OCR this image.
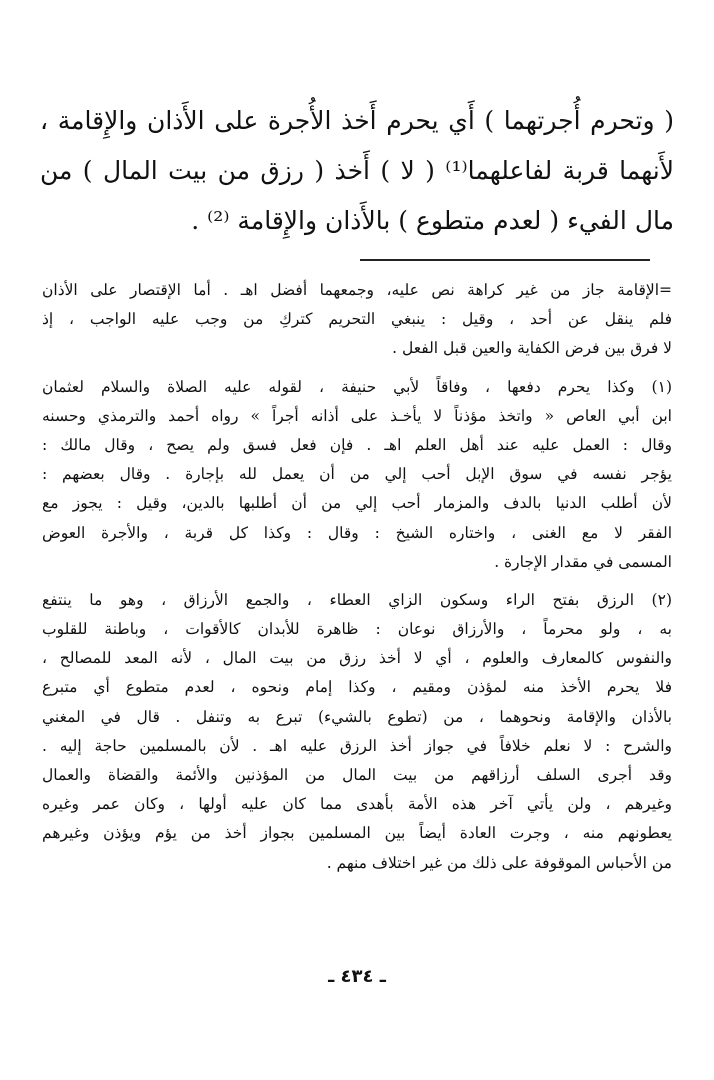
( وتحرم أُجرتهما ) أَي يحرم أَخذ الأُجرة على الأَذان والإِقامة ،
لأَنهما قربة لفاعلهما⁽¹⁾ ( لا ) أَخذ ( رزق من بيت المال ) من
مال الفيء ( لعدم متطوع ) بالأَذان والإِقامة ⁽²⁾ .
=الإقامة جاز من غير كراهة نص عليه، وجمعهما أفضل اهـ . أما الإقتصار على الأذان
فلم ينقل عن أحد ، وقيل : ينبغي التحريم كتركِ من وجب عليه الواجب ، إذ
لا فرق بين فرض الكفاية والعين قبل الفعل .
(١) وكذا يحرم دفعها ، وفاقاً لأبي حنيفة ، لقوله عليه الصلاة والسلام لعثمان
ابن أبي العاص « واتخذ مؤذناً لا يأخـذ على أذانه أجراً » رواه أحمد والترمذي وحسنه
وقال : العمل عليه عند أهل العلم اهـ . فإن فعل فسق ولم يصح ، وقال مالك :
يؤجر نفسه في سوق الإبل أحب إلي من أن يعمل لله بإجارة . وقال بعضهم :
لأن أطلب الدنيا بالدف والمزمار أحب إلي من أن أطلبها بالدين، وقيل : يجوز مع
الفقر لا مع الغنى ، واختاره الشيخ : وقال : وكذا كل قربة ، والأجرة العوض
المسمى في مقدار الإجارة .
(٢) الرزق بفتح الراء وسكون الزاي العطاء ، والجمع الأرزاق ، وهو ما ينتفع
به ، ولو محرماً ، والأرزاق نوعان : ظاهرة للأبدان كالأقوات ، وباطنة للقلوب
والنفوس كالمعارف والعلوم ، أي لا أخذ رزق من بيت المال ، لأنه المعد للمصالح ،
فلا يحرم الأخذ منه لمؤذن ومقيم ، وكذا إمام ونحوه ، لعدم متطوع أي متبرع
بالأذان والإقامة ونحوهما ، من (تطوع بالشيء) تبرع به وتنفل . قال في المغني
والشرح : لا نعلم خلافاً في جواز أخذ الرزق عليه اهـ . لأن بالمسلمين حاجة إليه .
وقد أجرى السلف أرزاقهم من بيت المال من المؤذنين والأئمة والقضاة والعمال
وغيرهم ، ولن يأتي آخر هذه الأمة بأهدى مما كان عليه أولها ، وكان عمر وغيره
يعطونهم منه ، وجرت العادة أيضاً بين المسلمين بجواز أخذ من يؤم ويؤذن وغيرهم
من الأحباس الموقوفة على ذلك من غير اختلاف منهم .
ـ ٤٣٤ ـ
